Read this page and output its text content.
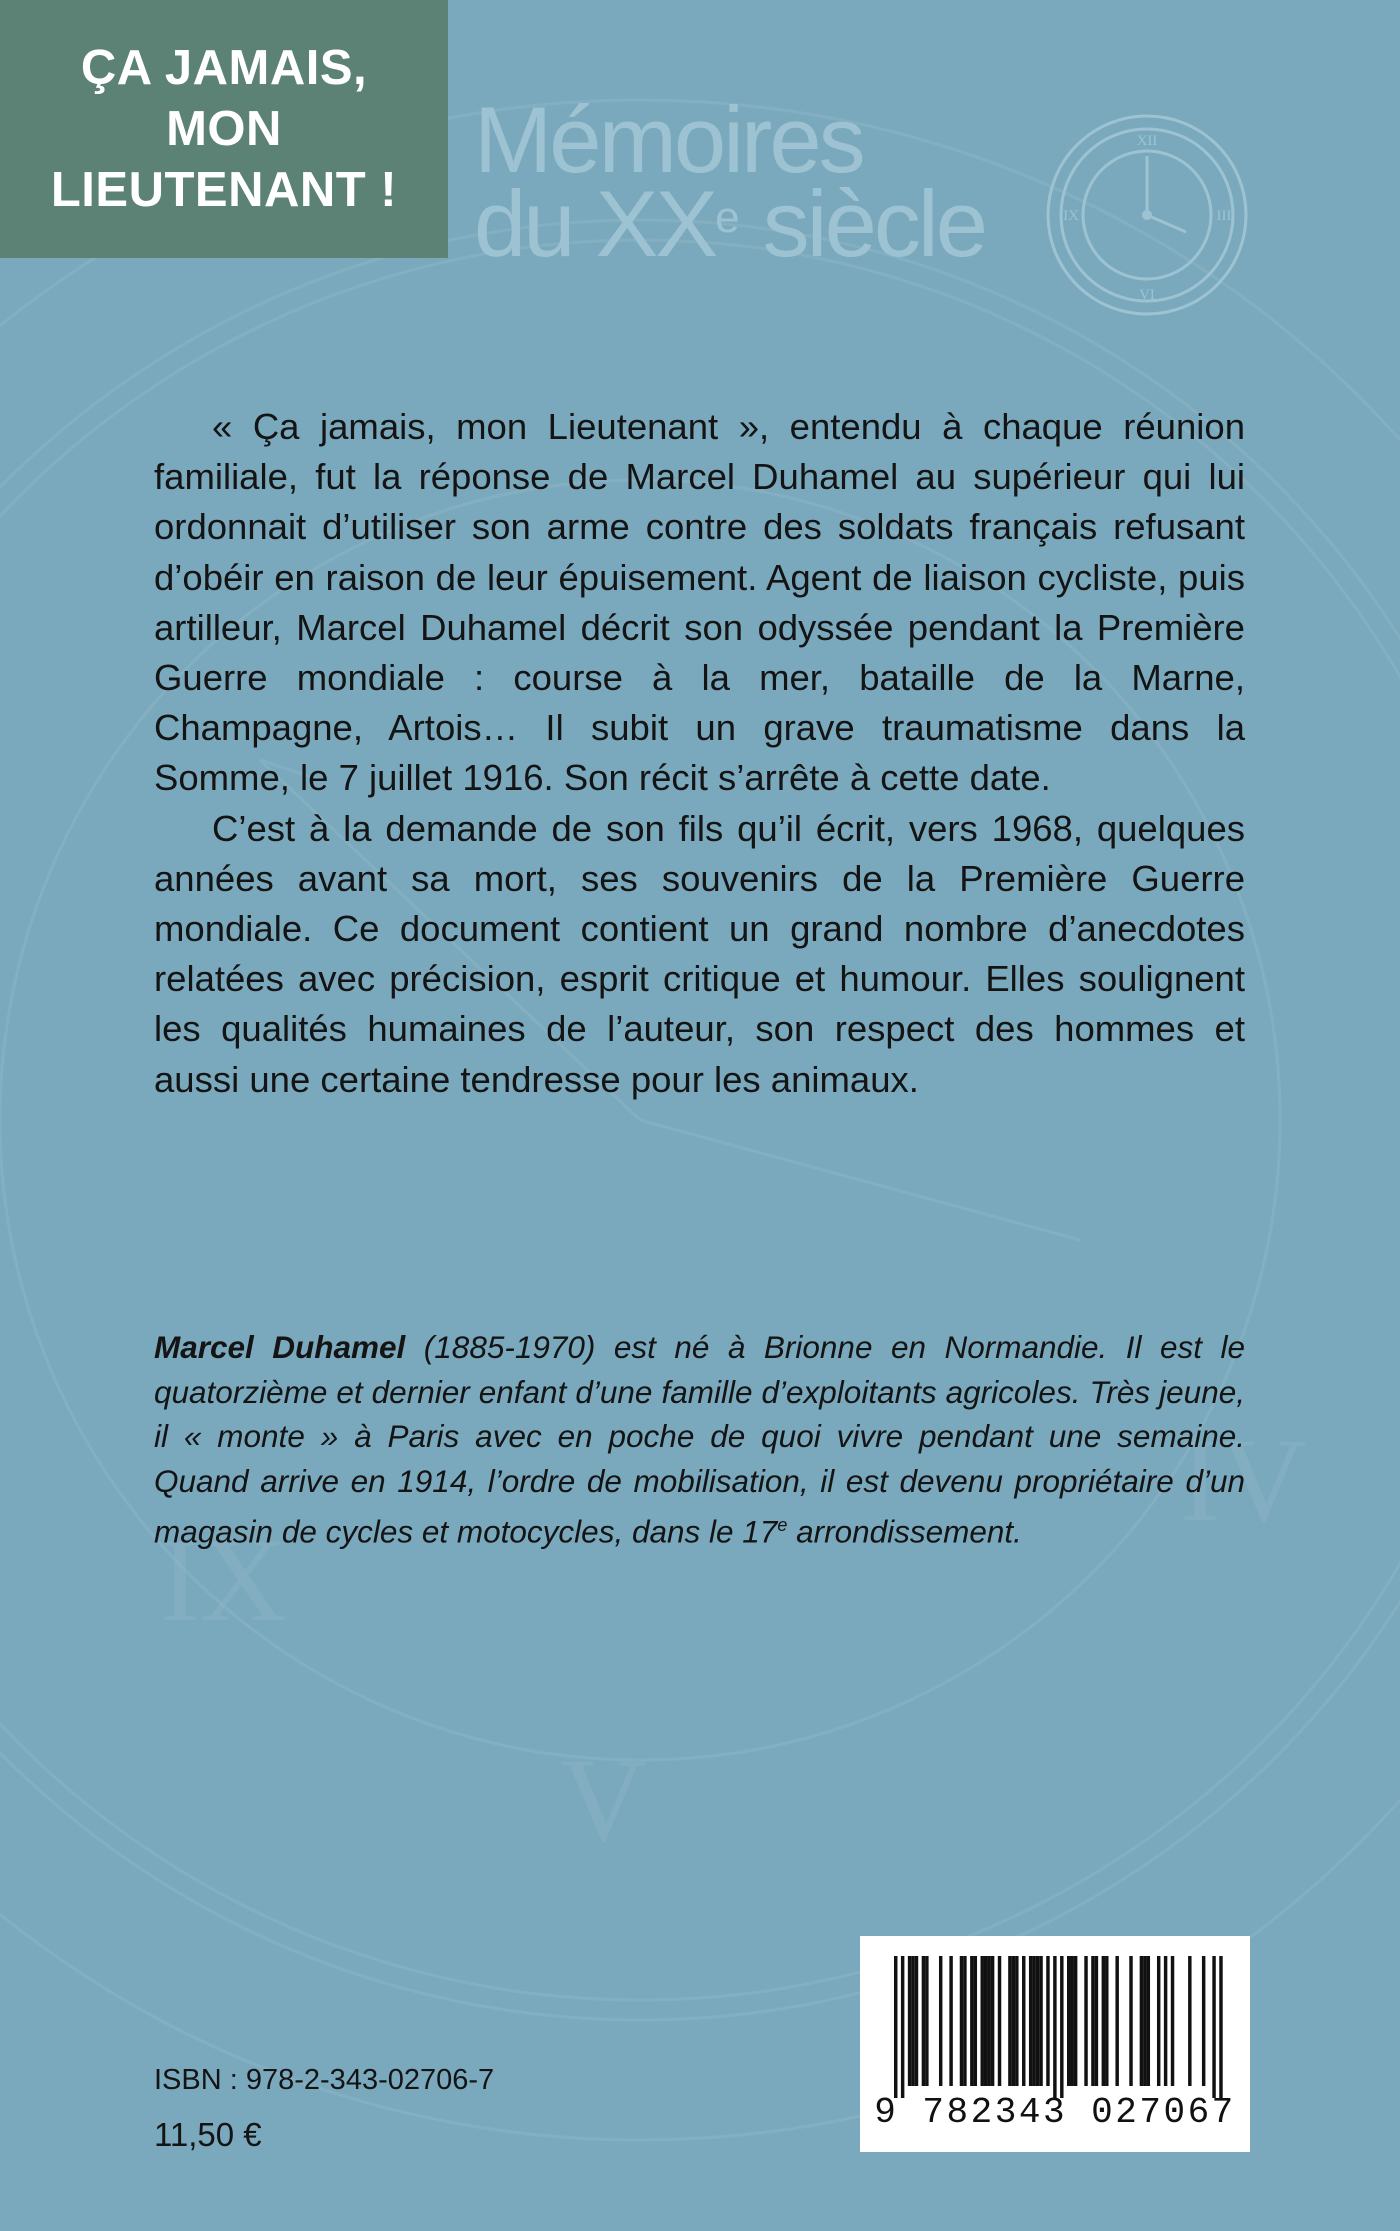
IX
V
IV
ÇA JAMAIS,
MON
LIEUTENANT ! Mémoires
du XXe siècle
XII
III
VI
IX

« Ça jamais, mon Lieutenant », entendu à chaque réunion familiale, fut la réponse de Marcel Duhamel au supérieur qui lui ordonnait d’utiliser son arme contre des soldats français refusant d’obéir en raison de leur épuisement. Agent de liaison cycliste, puis artilleur, Marcel Duhamel décrit son odyssée pendant la Première Guerre mondiale : course à la mer, bataille de la Marne, Champagne, Artois… Il subit un grave traumatisme dans la Somme, le 7 juillet 1916. Son récit s’arrête à cette date.

C’est à la demande de son fils qu’il écrit, vers 1968, quelques années avant sa mort, ses souvenirs de la Première Guerre mondiale. Ce document contient un grand nombre d’anecdotes relatées avec précision, esprit critique et humour. Elles soulignent les qualités humaines de l’auteur, son respect des hommes et aussi une certaine tendresse pour les animaux.

Marcel Duhamel (1885-1970) est né à Brionne en Normandie. Il est le quatorzième et dernier enfant d’une famille d’exploitants agricoles. Très jeune, il « monte » à Paris avec en poche de quoi vivre pendant une semaine. Quand arrive en 1914, l’ordre de mobilisation, il est devenu propriétaire d’un magasin de cycles et motocycles, dans le 17e arrondissement.

ISBN : 978-2-343-02706-7
11,50 €
9 782343 027067
